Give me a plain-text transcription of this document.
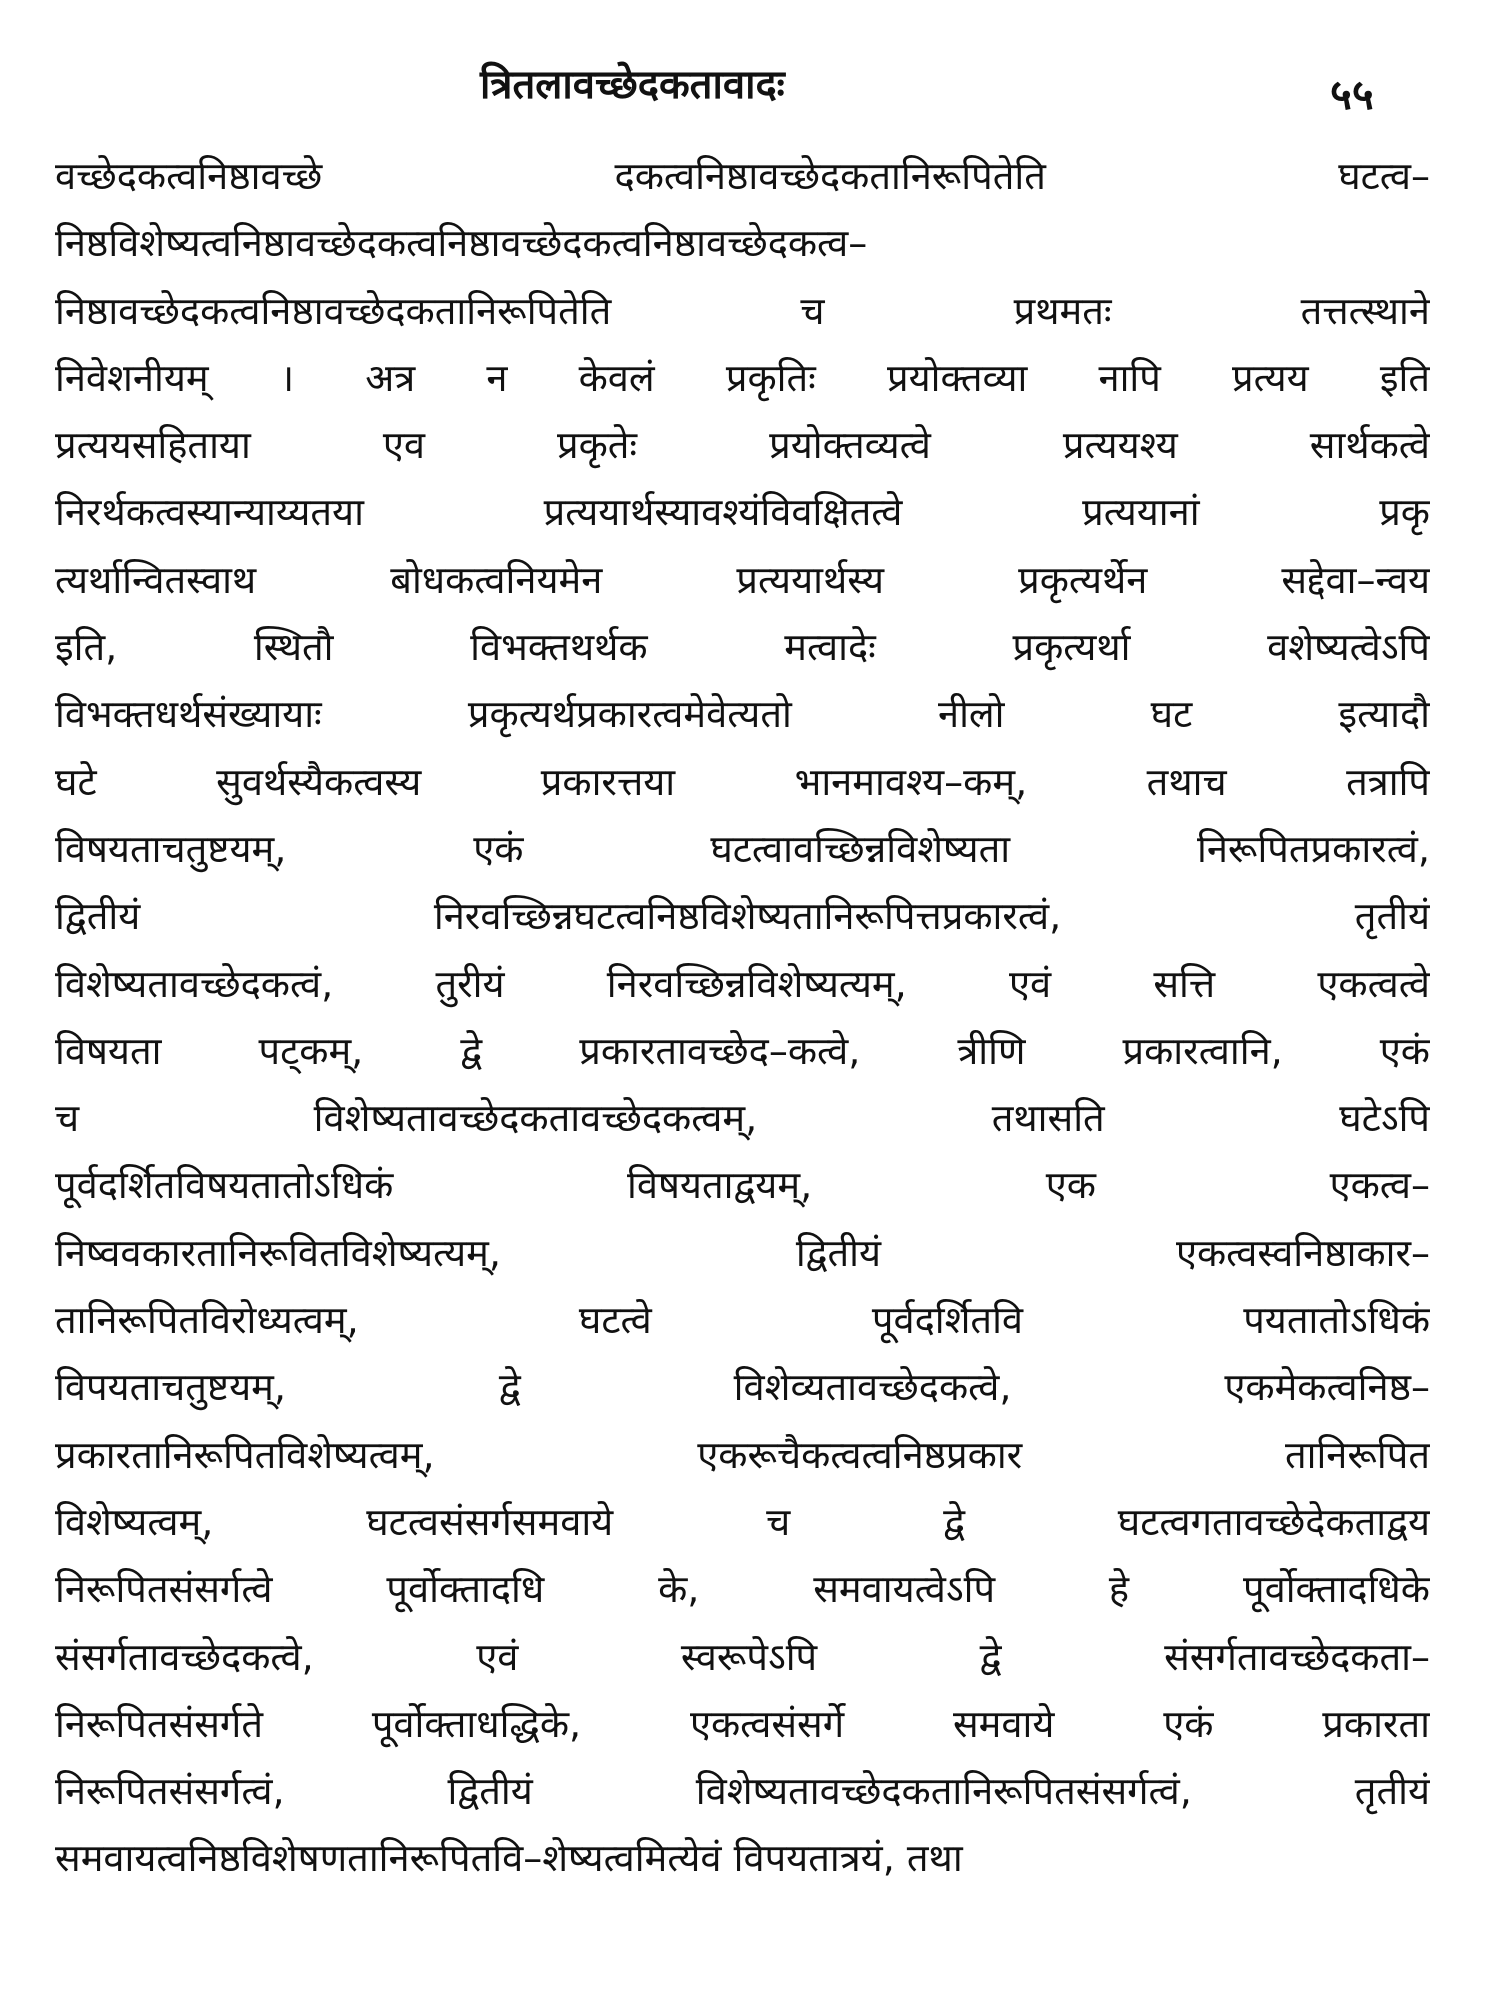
त्रितलावच्छेदकतावादः	५५
वच्छेदकत्वनिष्ठावच्छे दकत्वनिष्ठावच्छेदकतानिरूपितेति घटत्व–
निष्ठविशेष्यत्वनिष्ठावच्छेदकत्वनिष्ठावच्छेदकत्वनिष्ठावच्छेदकत्व–
निष्ठावच्छेदकत्वनिष्ठावच्छेदकतानिरूपितेति च प्रथमतः तत्तत्स्थाने
निवेशनीयम् । अत्र न केवलं प्रकृतिः प्रयोक्तव्या नापि प्रत्यय इति
प्रत्ययसहिताया एव प्रकृतेः प्रयोक्तव्यत्वे प्रत्ययश्य सार्थकत्वे
निरर्थकत्वस्यान्याय्यतया प्रत्ययार्थस्यावश्यंविवक्षितत्वे प्रत्ययानां प्रकृ
त्यर्थान्वितस्वाथ बोधकत्वनियमेन प्रत्ययार्थस्य प्रकृत्यर्थेन सद्देवा–न्वय
इति, स्थितौ विभक्तथर्थक मत्वादेः प्रकृत्यर्था वशेष्यत्वेऽपि
विभक्तधर्थसंख्यायाः प्रकृत्यर्थप्रकारत्वमेवेत्यतो नीलो घट इत्यादौ
घटे सुवर्थस्यैकत्वस्य प्रकारत्तया भानमावश्य–कम्, तथाच तत्रापि
विषयताचतुष्टयम्, एकं घटत्वावच्छिन्नविशेष्यता निरूपितप्रकारत्वं,
द्वितीयं निरवच्छिन्नघटत्वनिष्ठविशेष्यतानिरूपित्तप्रकारत्वं, तृतीयं
विशेष्यतावच्छेदकत्वं, तुरीयं निरवच्छिन्नविशेष्यत्यम्, एवं सत्ति एकत्वत्वे
विषयता पट्कम्, द्वे प्रकारतावच्छेद–कत्वे, त्रीणि प्रकारत्वानि, एकं
च विशेष्यतावच्छेदकतावच्छेदकत्वम्, तथासति घटेऽपि
पूर्वदर्शितविषयतातोऽधिकं विषयताद्वयम्, एक एकत्व–
निष्ववकारतानिरूवितविशेष्यत्यम्, द्वितीयं एकत्वस्वनिष्ठाकार–
तानिरूपितविरोध्यत्वम्, घटत्वे पूर्वदर्शितवि पयतातोऽधिकं
विपयताचतुष्टयम्, द्वे विशेव्यतावच्छेदकत्वे, एकमेकत्वनिष्ठ–
प्रकारतानिरूपितविशेष्यत्वम्, एकरूचैकत्वत्वनिष्ठप्रकार तानिरूपित
विशेष्यत्वम्, घटत्वसंसर्गसमवाये च द्वे घटत्वगतावच्छेदेकताद्वय
निरूपितसंसर्गत्वे पूर्वोक्तादधि के, समवायत्वेऽपि हे पूर्वोक्तादधिके
संसर्गतावच्छेदकत्वे, एवं स्वरूपेऽपि द्वे संसर्गतावच्छेदकता–
निरूपितसंसर्गते पूर्वोक्ताधद्धिके, एकत्वसंसर्गे समवाये एकं प्रकारता
निरूपितसंसर्गत्वं, द्वितीयं विशेष्यतावच्छेदकतानिरूपितसंसर्गत्वं, तृतीयं
समवायत्वनिष्ठविशेषणतानिरूपितवि–शेष्यत्वमित्येवं विपयतात्रयं, तथा
